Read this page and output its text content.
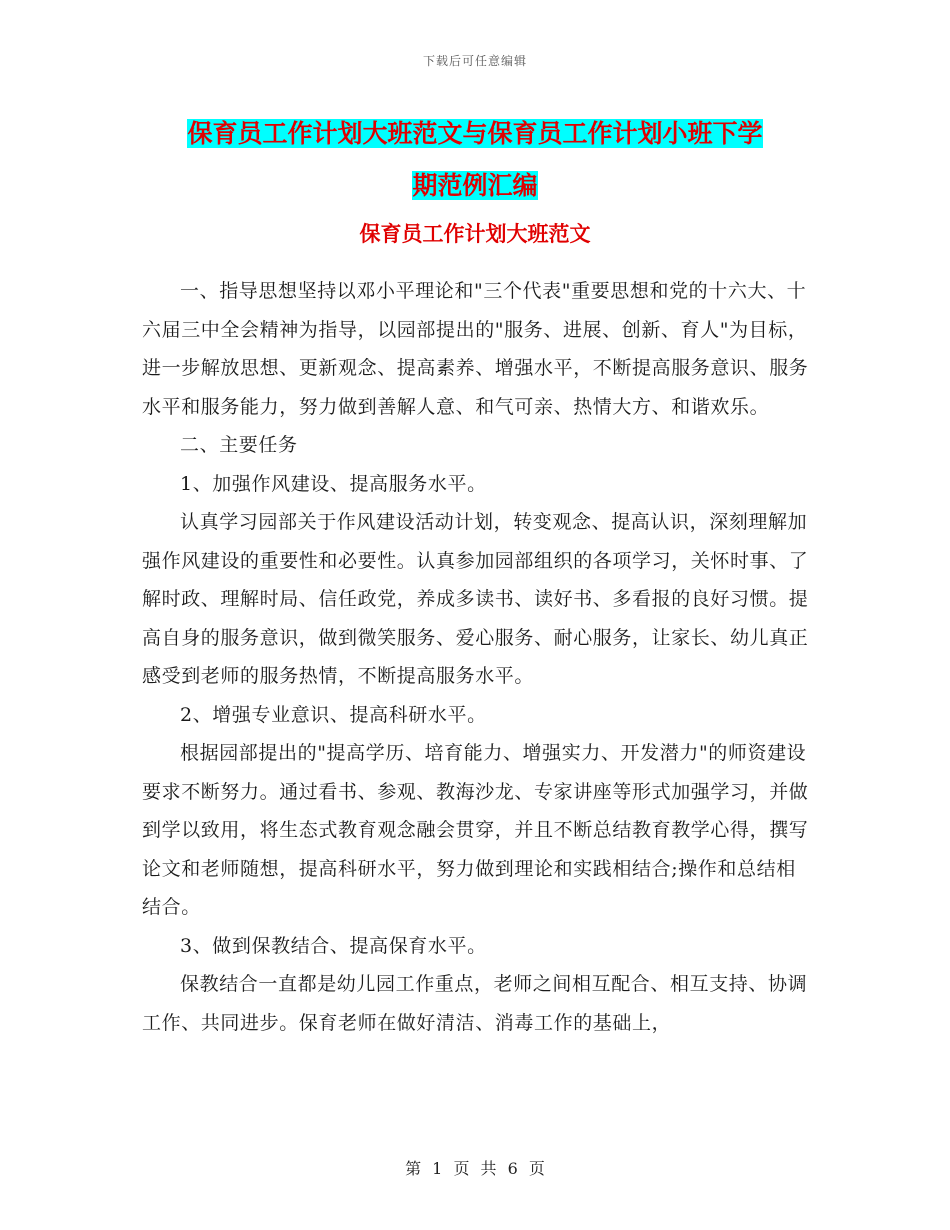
下载后可任意编辑
保育员工作计划大班范文与保育员工作计划小班下学
期范例汇编
保育员工作计划大班范文

一、指导思想坚持以邓小平理论和"三个代表"重要思想和党的十六大、十六届三中全会精神为指导，以园部提出的"服务、进展、创新、育人"为目标，进一步解放思想、更新观念、提高素养、增强水平，不断提高服务意识、服务水平和服务能力，努力做到善解人意、和气可亲、热情大方、和谐欢乐。

二、主要任务

1、加强作风建设、提高服务水平。

认真学习园部关于作风建设活动计划，转变观念、提高认识，深刻理解加强作风建设的重要性和必要性。认真参加园部组织的各项学习，关怀时事、了解时政、理解时局、信任政党，养成多读书、读好书、多看报的良好习惯。提高自身的服务意识，做到微笑服务、爱心服务、耐心服务，让家长、幼儿真正感受到老师的服务热情，不断提高服务水平。

2、增强专业意识、提高科研水平。

根据园部提出的"提高学历、培育能力、增强实力、开发潜力"的师资建设要求不断努力。通过看书、参观、教海沙龙、专家讲座等形式加强学习，并做到学以致用，将生态式教育观念融会贯穿，并且不断总结教育教学心得，撰写论文和老师随想，提高科研水平，努力做到理论和实践相结合;操作和总结相结合。

3、做到保教结合、提高保育水平。

保教结合一直都是幼儿园工作重点，老师之间相互配合、相互支持、协调工作、共同进步。保育老师在做好清洁、消毒工作的基础上，

第 1 页 共 6 页
